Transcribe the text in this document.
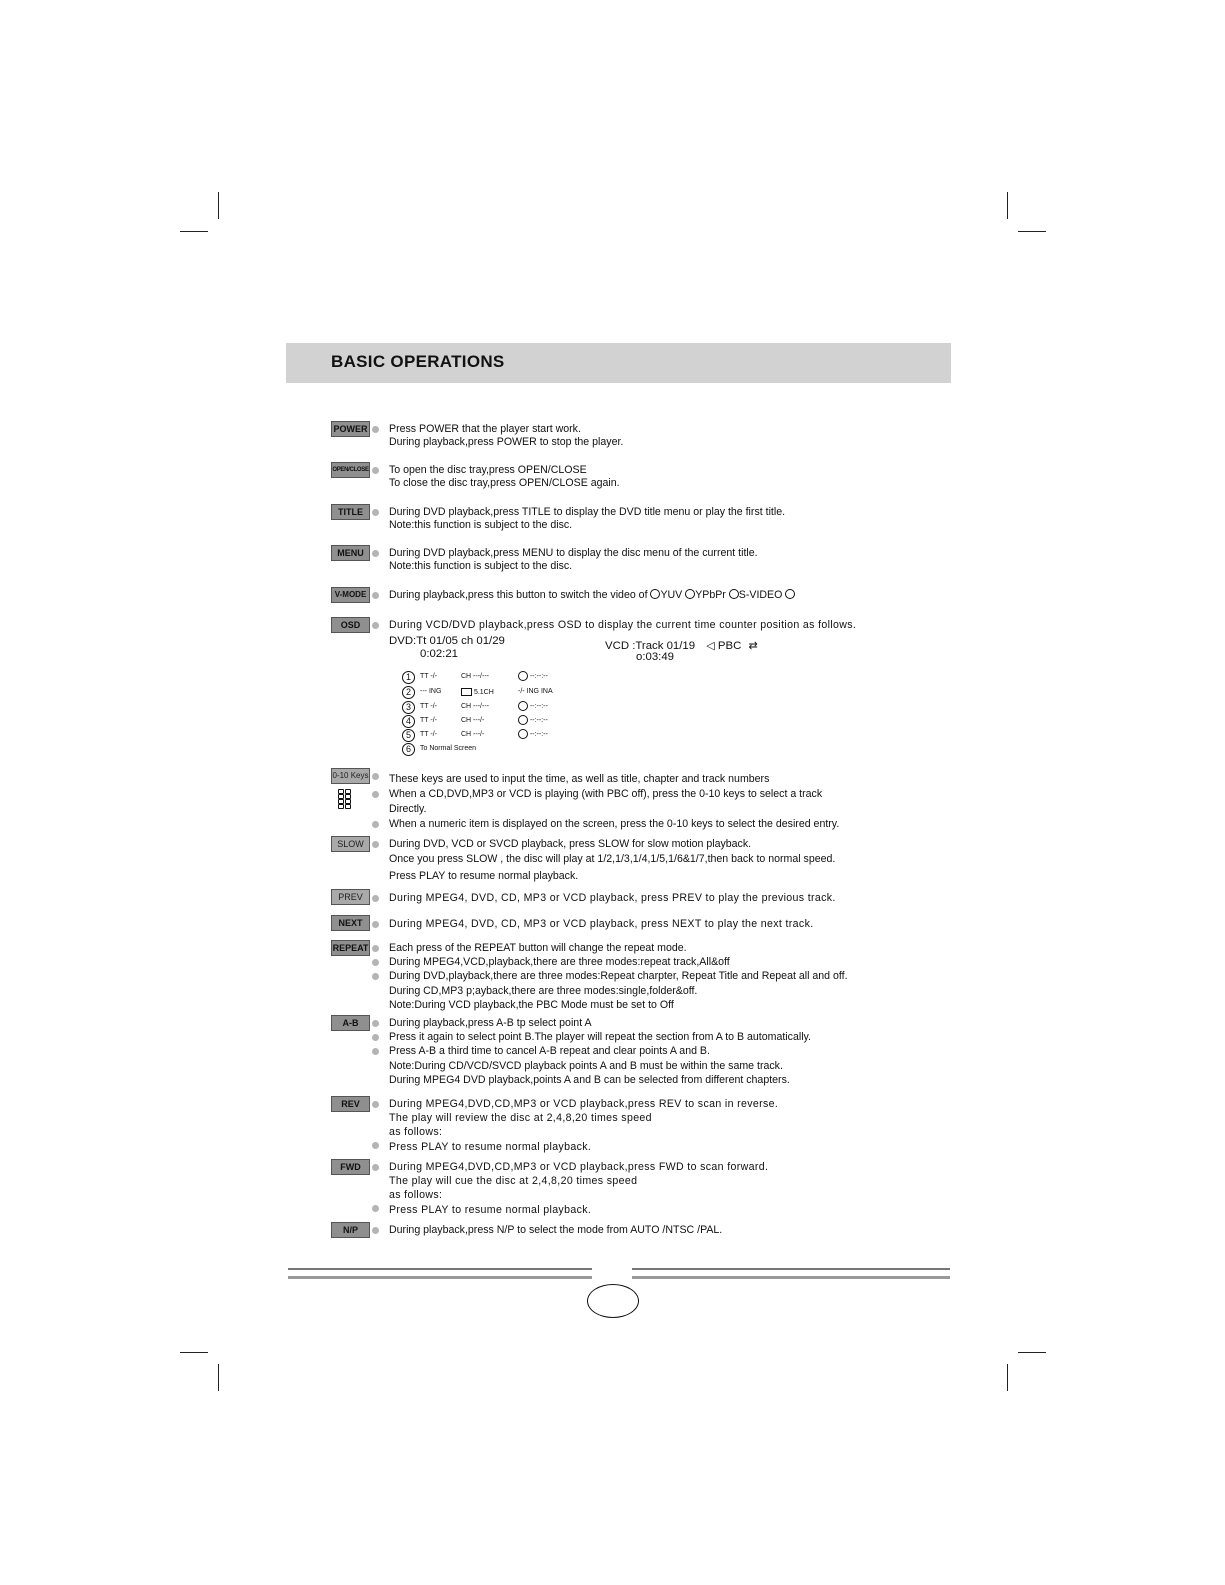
BASIC OPERATIONS
POWER Press POWER that the player start work.
During playback,press POWER to stop the player.
OPEN/CLOSE To open the disc tray,press OPEN/CLOSE
To close the disc tray,press OPEN/CLOSE again.
TITLE	During DVD playback,press TITLE to display the DVD title menu or play the first title.
Note:this function is subject to the disc.
MENU	During DVD playback,press MENU to display the disc menu of the current title.
Note:this function is subject to the disc.
V-MODE	During playback,press this button to switch the video of YUV YPbPr S-VIDEO
OSD	During VCD/DVD playback,press OSD to display the current time counter position as follows.
DVD:Tt 01/05 ch 01/29
0:02:21
VCD :Track 01/19 ◁ PBC ⇄
o:03:49
1	TT -/-	CH ---/---	--:--:--
2	--- ING	5.1CH	-/- ING INA
3	TT -/-	CH ---/---	--:--:--
4	TT -/-	CH ---/-	--:--:--
5	TT -/-	CH ---/-	--:--:--
6	To Normal Screen
0-10 Keys These keys are used to input the time, as well as title, chapter and track numbers
When a CD,DVD,MP3 or VCD is playing (with PBC off), press the 0-10 keys to select a track
Directly.
When a numeric item is displayed on the screen, press the 0-10 keys to select the desired entry.
SLOW	During DVD, VCD or SVCD playback, press SLOW for slow motion playback.
Once you press SLOW , the disc will play at 1/2,1/3,1/4,1/5,1/6&1/7,then back to normal speed.
Press PLAY to resume normal playback.
PREV	During MPEG4, DVD, CD, MP3 or VCD playback, press PREV to play the previous track.
NEXT	During MPEG4, DVD, CD, MP3 or VCD playback, press NEXT to play the next track.
REPEAT Each press of the REPEAT button will change the repeat mode.
During MPEG4,VCD,playback,there are three modes:repeat track,All&off
During DVD,playback,there are three modes:Repeat charpter, Repeat Title and Repeat all and off.
During CD,MP3 p;ayback,there are three modes:single,folder&off.
Note:During VCD playback,the PBC Mode must be set to Off
A-B	During playback,press A-B tp select point A
Press it again to select point B.The player will repeat the section from A to B automatically.
Press A-B a third time to cancel A-B repeat and clear points A and B.
Note:During CD/VCD/SVCD playback points A and B must be within the same track.
During MPEG4 DVD playback,points A and B can be selected from different chapters.
REV	During MPEG4,DVD,CD,MP3 or VCD playback,press REV to scan in reverse.
The play will review the disc at 2,4,8,20 times speed
as follows:
Press PLAY to resume normal playback.
FWD	During MPEG4,DVD,CD,MP3 or VCD playback,press FWD to scan forward.
The play will cue the disc at 2,4,8,20 times speed
as follows:
Press PLAY to resume normal playback.
N/P	During playback,press N/P to select the mode from AUTO /NTSC /PAL.
